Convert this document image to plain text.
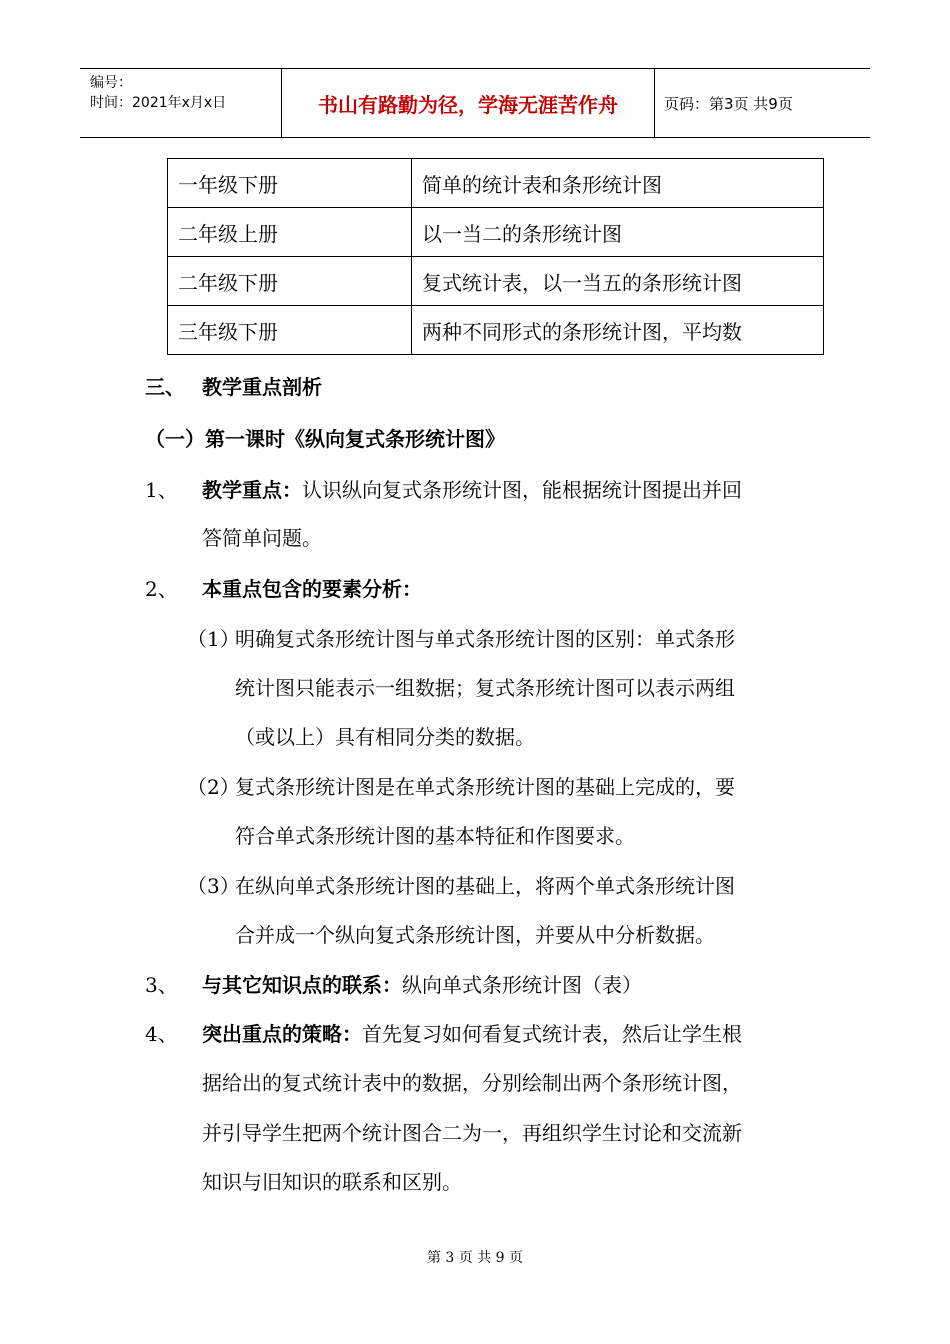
编号：
时间：2021年x月x日	书山有路勤为径，学海无涯苦作舟	页码：第3页 共9页
一年级下册	简单的统计表和条形统计图
二年级上册	以一当二的条形统计图
二年级下册	复式统计表，以一当五的条形统计图
三年级下册	两种不同形式的条形统计图，平均数
三、 教学重点剖析
（一）第一课时《纵向复式条形统计图》
1、 教学重点：认识纵向复式条形统计图，能根据统计图提出并回
答简单问题。
2、 本重点包含的要素分析：
（1）
明确复式条形统计图与单式条形统计图的区别：单式条形
统计图只能表示一组数据；复式条形统计图可以表示两组
（或以上）具有相同分类的数据。
（2）
复式条形统计图是在单式条形统计图的基础上完成的，要
符合单式条形统计图的基本特征和作图要求。
（3）
在纵向单式条形统计图的基础上，将两个单式条形统计图
合并成一个纵向复式条形统计图，并要从中分析数据。
3、 与其它知识点的联系：纵向单式条形统计图（表）
4、 突出重点的策略：首先复习如何看复式统计表，然后让学生根
据给出的复式统计表中的数据，分别绘制出两个条形统计图，
并引导学生把两个统计图合二为一，再组织学生讨论和交流新
知识与旧知识的联系和区别。
第 3 页 共 9 页
